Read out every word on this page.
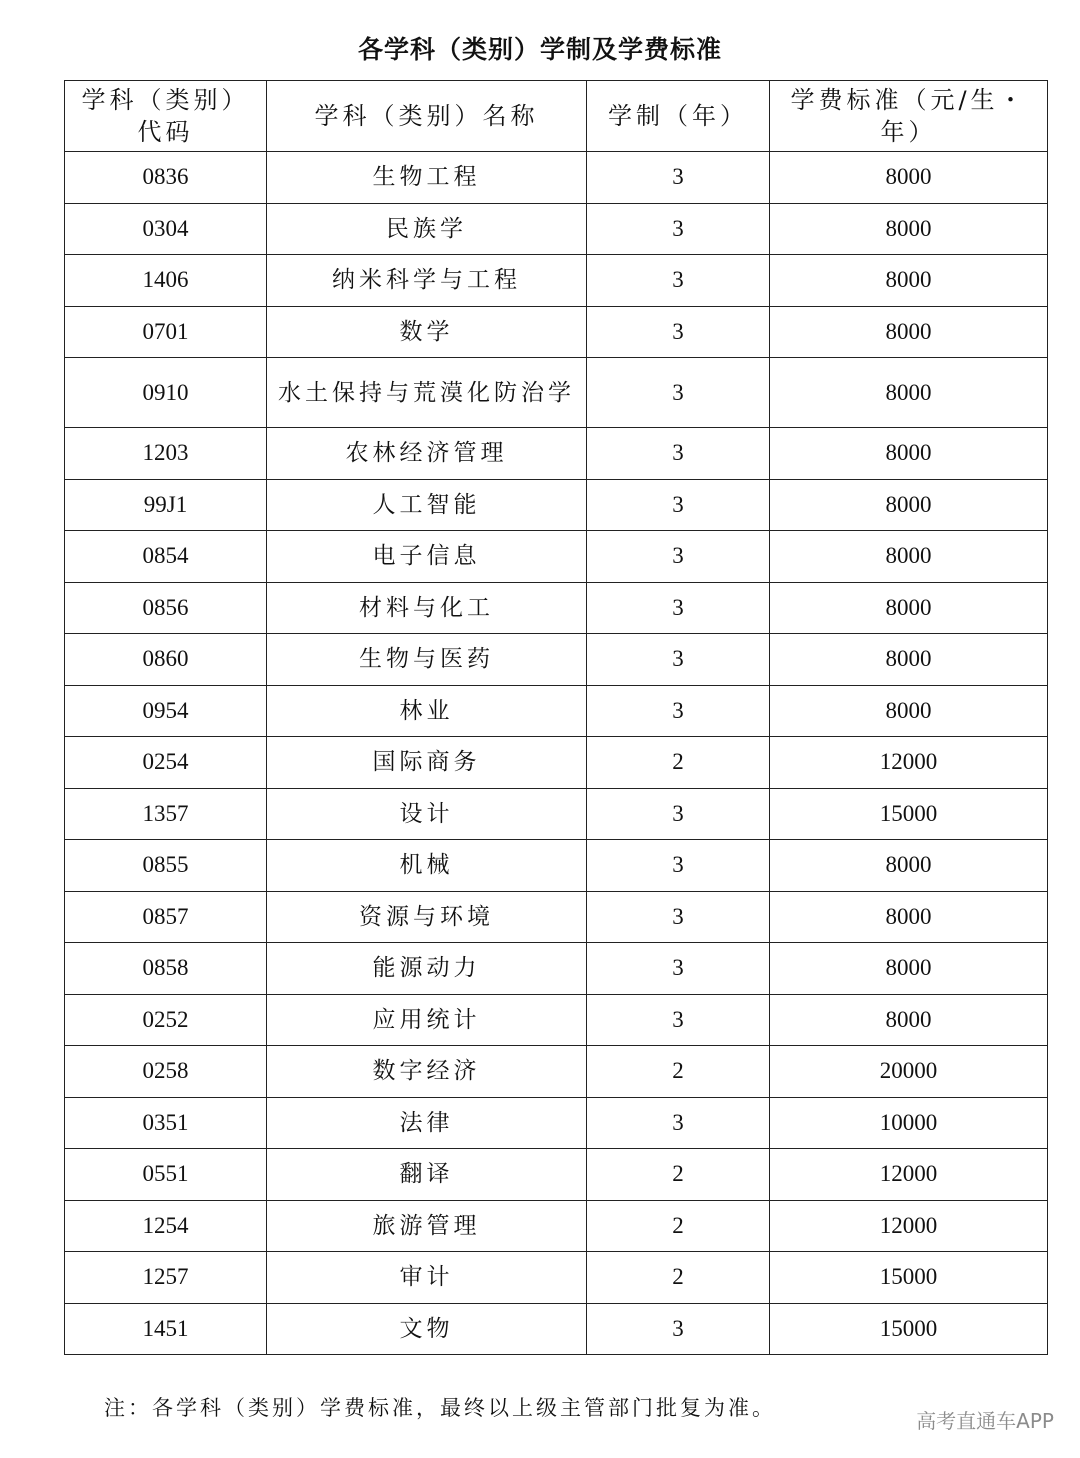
各学科（类别）学制及学费标准
学科（类别）代码	学科（类别）名称	学制（年）	学费标准（元/生・年）
0836	生物工程	3	8000
0304	民族学	3	8000
1406	纳米科学与工程	3	8000
0701	数学	3	8000
0910	水土保持与荒漠化防治学	3	8000
1203	农林经济管理	3	8000
99J1	人工智能	3	8000
0854	电子信息	3	8000
0856	材料与化工	3	8000
0860	生物与医药	3	8000
0954	林业	3	8000
0254	国际商务	2	12000
1357	设计	3	15000
0855	机械	3	8000
0857	资源与环境	3	8000
0858	能源动力	3	8000
0252	应用统计	3	8000
0258	数字经济	2	20000
0351	法律	3	10000
0551	翻译	2	12000
1254	旅游管理	2	12000
1257	审计	2	15000
1451	文物	3	15000
注：各学科（类别）学费标准，最终以上级主管部门批复为准。
高考直通车APP
